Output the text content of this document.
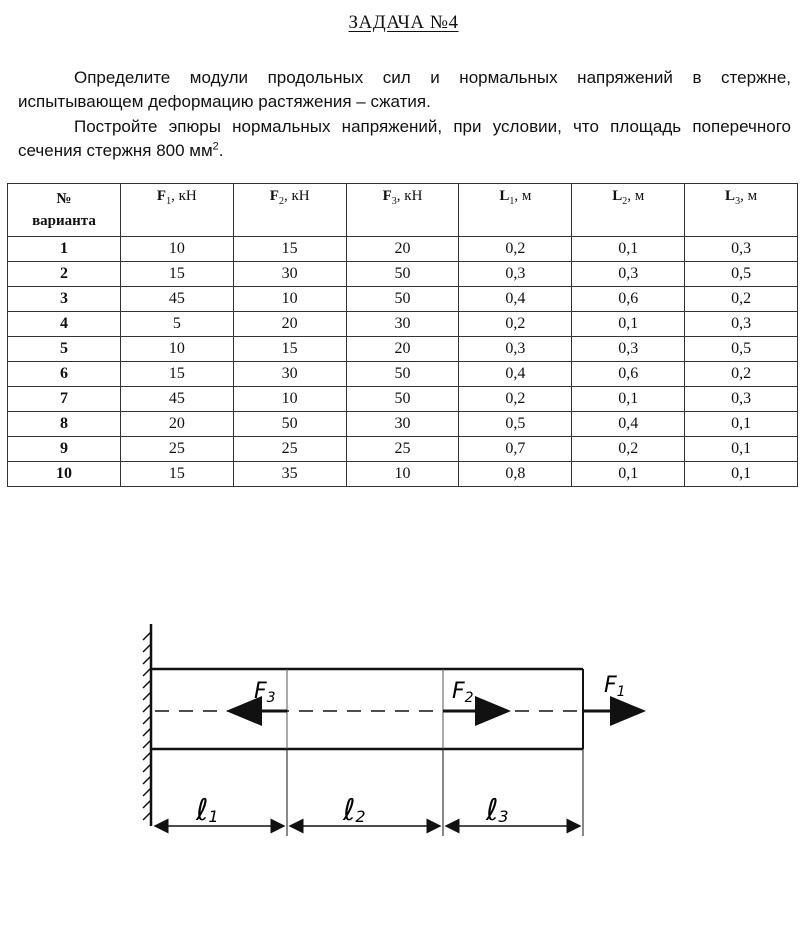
ЗАДАЧА №4
Определите модули продольных сил и нормальных напряжений в стержне, испытывающем деформацию растяжения – сжатия.
Постройте эпюры нормальных напряжений, при условии, что площадь поперечного сечения стержня 800 $мм^2$.
№
варианта	$F_1$, кН	$F_2$, кН	$F_3$, кН	$L_1$, м	$L_2$, м	$L_3$, м
1	10	15	20	0,2	0,1	0,3
2	15	30	50	0,3	0,3	0,5
3	45	10	50	0,4	0,6	0,2
4	5	20	30	0,2	0,1	0,3
5	10	15	20	0,3	0,3	0,5
6	15	30	50	0,4	0,6	0,2
7	45	10	50	0,2	0,1	0,3
8	20	50	30	0,5	0,4	0,1
9	25	25	25	0,7	0,2	0,1
10	15	35	10	0,8	0,1	0,1
F3	F2	F1
ℓ1	ℓ2	ℓ3
